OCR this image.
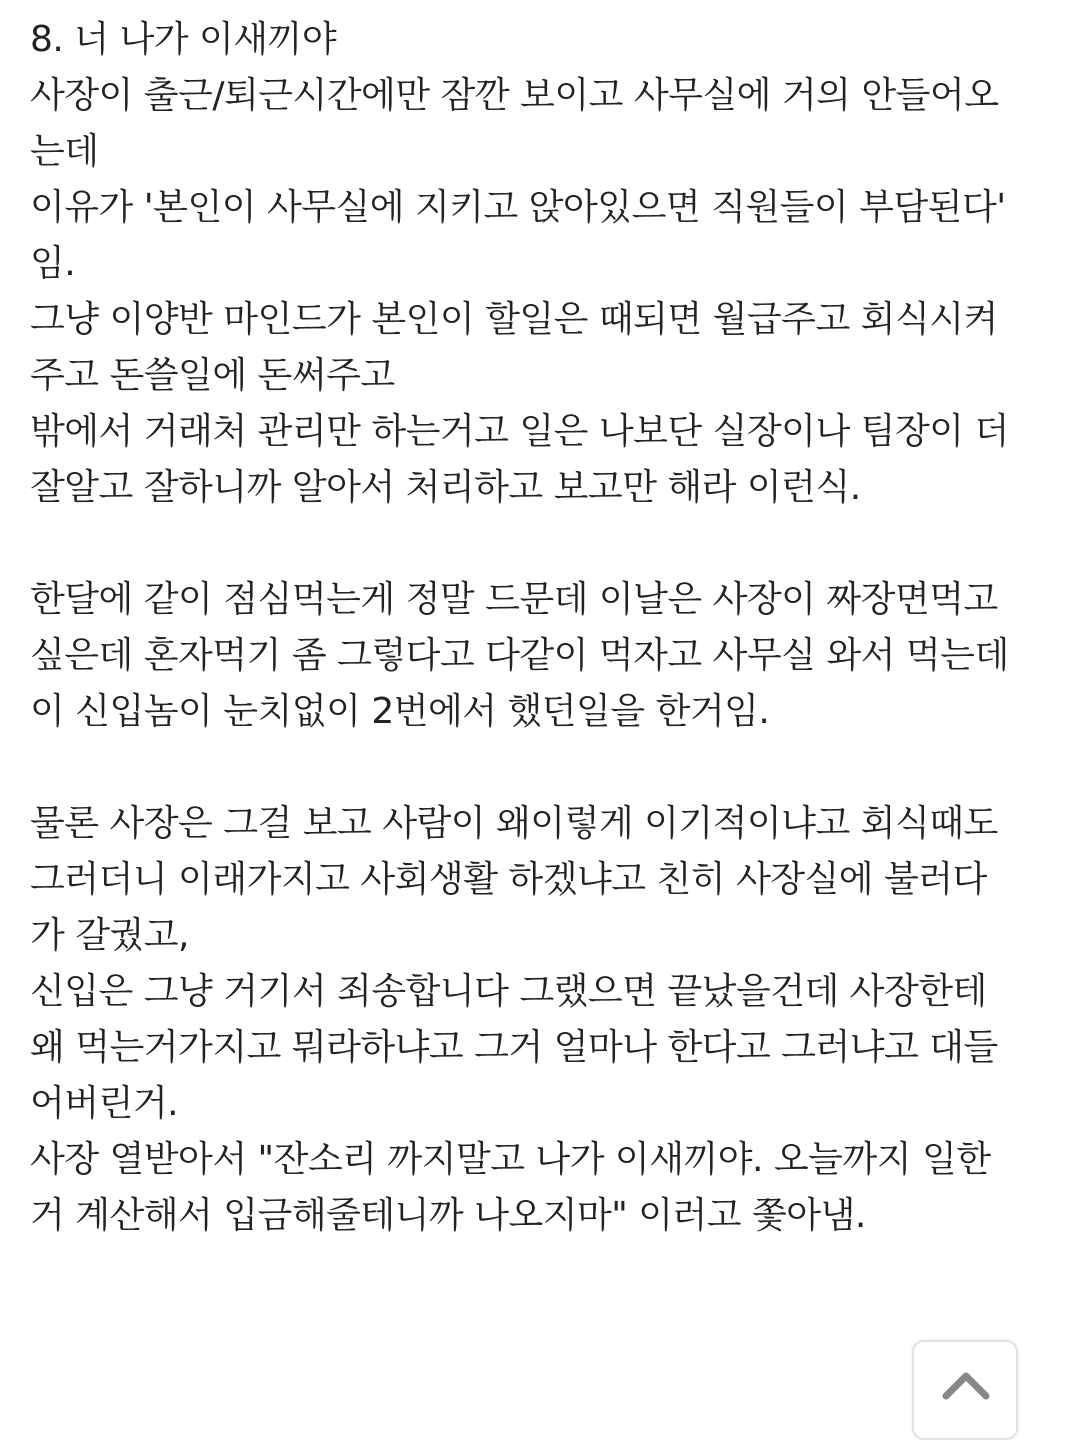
8. 너 나가 이새끼야
사장이 출근/퇴근시간에만 잠깐 보이고 사무실에 거의 안들어오
는데
이유가 '본인이 사무실에 지키고 앉아있으면 직원들이 부담된다'
임.
그냥 이양반 마인드가 본인이 할일은 때되면 월급주고 회식시켜
주고 돈쓸일에 돈써주고
밖에서 거래처 관리만 하는거고 일은 나보단 실장이나 팀장이 더
잘알고 잘하니까 알아서 처리하고 보고만 해라 이런식.
한달에 같이 점심먹는게 정말 드문데 이날은 사장이 짜장면먹고
싶은데 혼자먹기 좀 그렇다고 다같이 먹자고 사무실 와서 먹는데
이 신입놈이 눈치없이 2번에서 했던일을 한거임.
물론 사장은 그걸 보고 사람이 왜이렇게 이기적이냐고 회식때도
그러더니 이래가지고 사회생활 하겠냐고 친히 사장실에 불러다
가 갈궜고,
신입은 그냥 거기서 죄송합니다 그랬으면 끝났을건데 사장한테
왜 먹는거가지고 뭐라하냐고 그거 얼마나 한다고 그러냐고 대들
어버린거.
사장 열받아서 "잔소리 까지말고 나가 이새끼야. 오늘까지 일한
거 계산해서 입금해줄테니까 나오지마" 이러고 쫓아냄.
